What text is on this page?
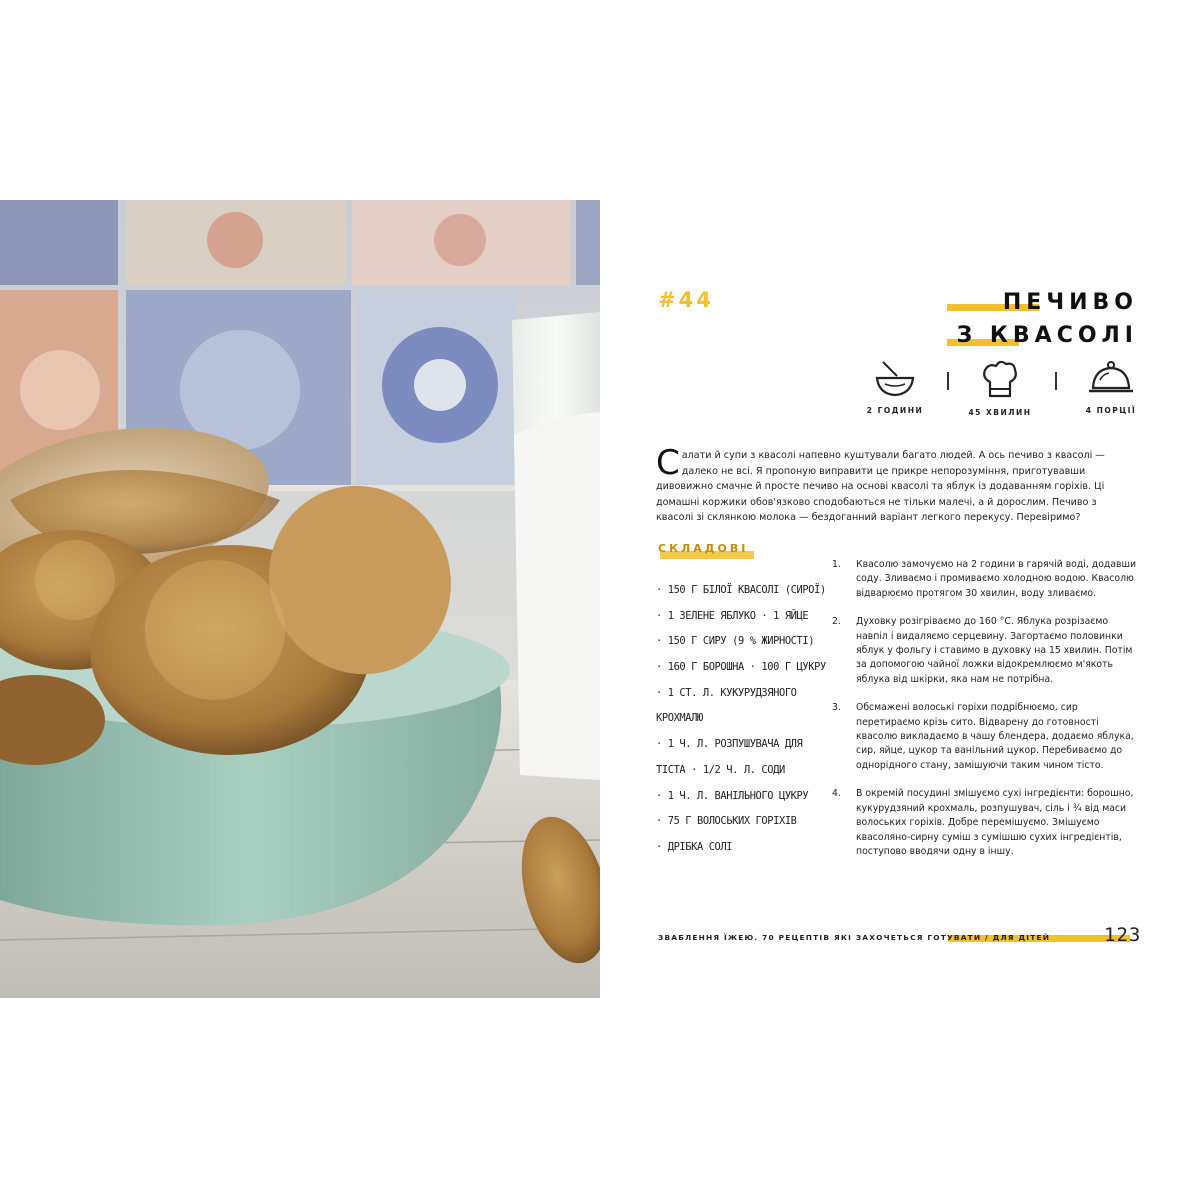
#44	ПЕЧИВО
З КВАСОЛІ
2 ГОДИНИ	45 ХВИЛИН	4 ПОРЦІЇ
С алати й супи з квасолі напевно куштували багато людей. А ось печиво з квасолі — далеко не всі. Я пропоную виправити це прикре непорозуміння, приготувавши дивовижно смачне й просте печиво на основі квасолі та яблук із додаванням горіхів. Ці домашні коржики обов'язково сподобаються не тільки малечі, а й дорослим. Печиво з квасолі зі склянкою молока — бездоганний варіант легкого перекусу. Перевіримо?
СКЛАДОВІ
· 150 Г БІЛОЇ КВАСОЛІ (СИРОЇ)
· 1 ЗЕЛЕНЕ ЯБЛУКО · 1 ЯЙЦЕ
· 150 Г СИРУ (9 % ЖИРНОСТІ)
· 160 Г БОРОШНА · 100 Г ЦУКРУ
· 1 СТ. Л. КУКУРУДЗЯНОГО
КРОХМАЛЮ
· 1 Ч. Л. РОЗПУШУВАЧА ДЛЯ
ТІСТА · 1/2 Ч. Л. СОДИ
· 1 Ч. Л. ВАНІЛЬНОГО ЦУКРУ
· 75 Г ВОЛОСЬКИХ ГОРІХІВ
· ДРІБКА СОЛІ
1. Квасолю замочуємо на 2 години в гарячій воді, додавши соду. Зливаємо і промиваємо холодною водою. Квасолю відварюємо протягом 30 хвилин, воду зливаємо.
2. Духовку розігріваємо до 160 °С. Яблука розрізаємо навпіл і видаляємо серцевину. Загортаємо половинки яблук у фольгу і ставимо в духовку на 15 хвилин. Потім за допомогою чайної ложки відокремлюємо м'якоть яблука від шкірки, яка нам не потрібна.
3. Обсмажені волоські горіхи подрібнюємо, сир перетираємо крізь сито. Відварену до готовності квасолю викладаємо в чашу блендера, додаємо яблука, сир, яйце, цукор та ванільний цукор. Перебиваємо до однорідного стану, замішуючи таким чином тісто.
4. В окремій посудині змішуємо сухі інгредієнти: борошно, кукурудзяний крохмаль, розпушувач, сіль і ¾ від маси волоських горіхів. Добре перемішуємо. Змішуємо квасоляно-сирну суміш з сумішшю сухих інгредієнтів, поступово вводячи одну в іншу.
ЗВАБЛЕННЯ ЇЖЕЮ. 70 РЕЦЕПТІВ ЯКІ ЗАХОЧЕТЬСЯ ГОТУВАТИ / ДЛЯ ДІТЕЙ	123
